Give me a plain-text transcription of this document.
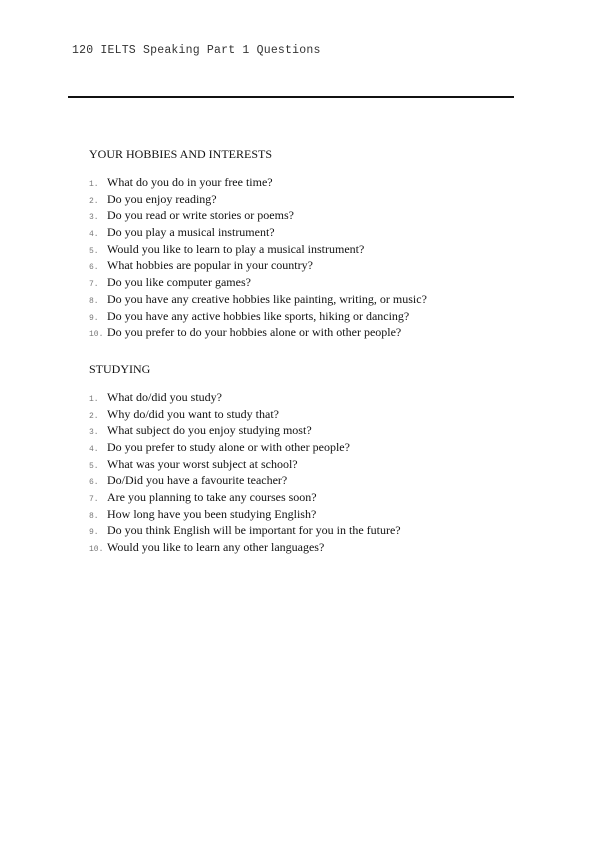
120 IELTS Speaking Part 1 Questions
YOUR HOBBIES AND INTERESTS
1. What do you do in your free time?
2. Do you enjoy reading?
3. Do you read or write stories or poems?
4. Do you play a musical instrument?
5. Would you like to learn to play a musical instrument?
6. What hobbies are popular in your country?
7. Do you like computer games?
8. Do you have any creative hobbies like painting, writing, or music?
9. Do you have any active hobbies like sports, hiking or dancing?
10. Do you prefer to do your hobbies alone or with other people?
STUDYING
1. What do/did you study?
2. Why do/did you want to study that?
3. What subject do you enjoy studying most?
4. Do you prefer to study alone or with other people?
5. What was your worst subject at school?
6. Do/Did you have a favourite teacher?
7. Are you planning to take any courses soon?
8. How long have you been studying English?
9. Do you think English will be important for you in the future?
10. Would you like to learn any other languages?
